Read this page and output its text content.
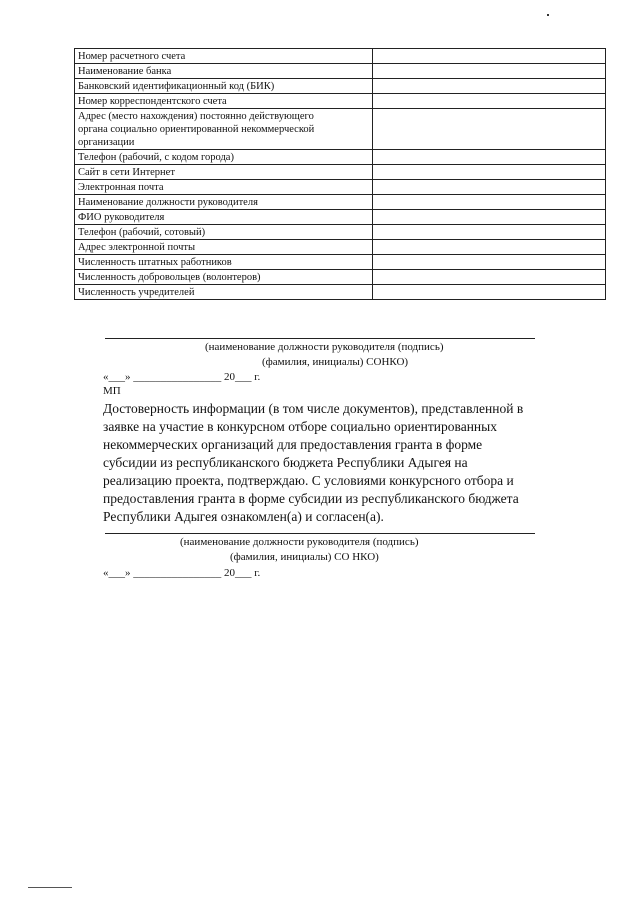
Номер расчетного счета	
Наименование банка	
Банковский идентификационный код (БИК)	
Номер корреспондентского счета	

Адрес (место нахождения) постоянно действующего
органа социально ориентированной некоммерческой
организации	

Телефон (рабочий, с кодом города)	
Сайт в сети Интернет	
Электронная почта	
Наименование должности руководителя	
ФИО руководителя	
Телефон (рабочий, сотовый)	
Адрес электронной почты	
Численность штатных работников	
Численность добровольцев (волонтеров)	
Численность учредителей	
(наименование должности руководителя (подпись)
(фамилия, инициалы) СОНКО)
«___» ________________ 20___ г.
МП
Достоверность информации (в том числе документов), представленной в
заявке на участие в конкурсном отборе социально ориентированных
некоммерческих организаций для предоставления гранта в форме
субсидии из республиканского бюджета Республики Адыгея на
реализацию проекта, подтверждаю. С условиями конкурсного отбора и
предоставления гранта в форме субсидии из республиканского бюджета
Республики Адыгея ознакомлен(а) и согласен(а).
(наименование должности руководителя (подпись)
(фамилия, инициалы) СО НКО)
«___» ________________ 20___ г.
